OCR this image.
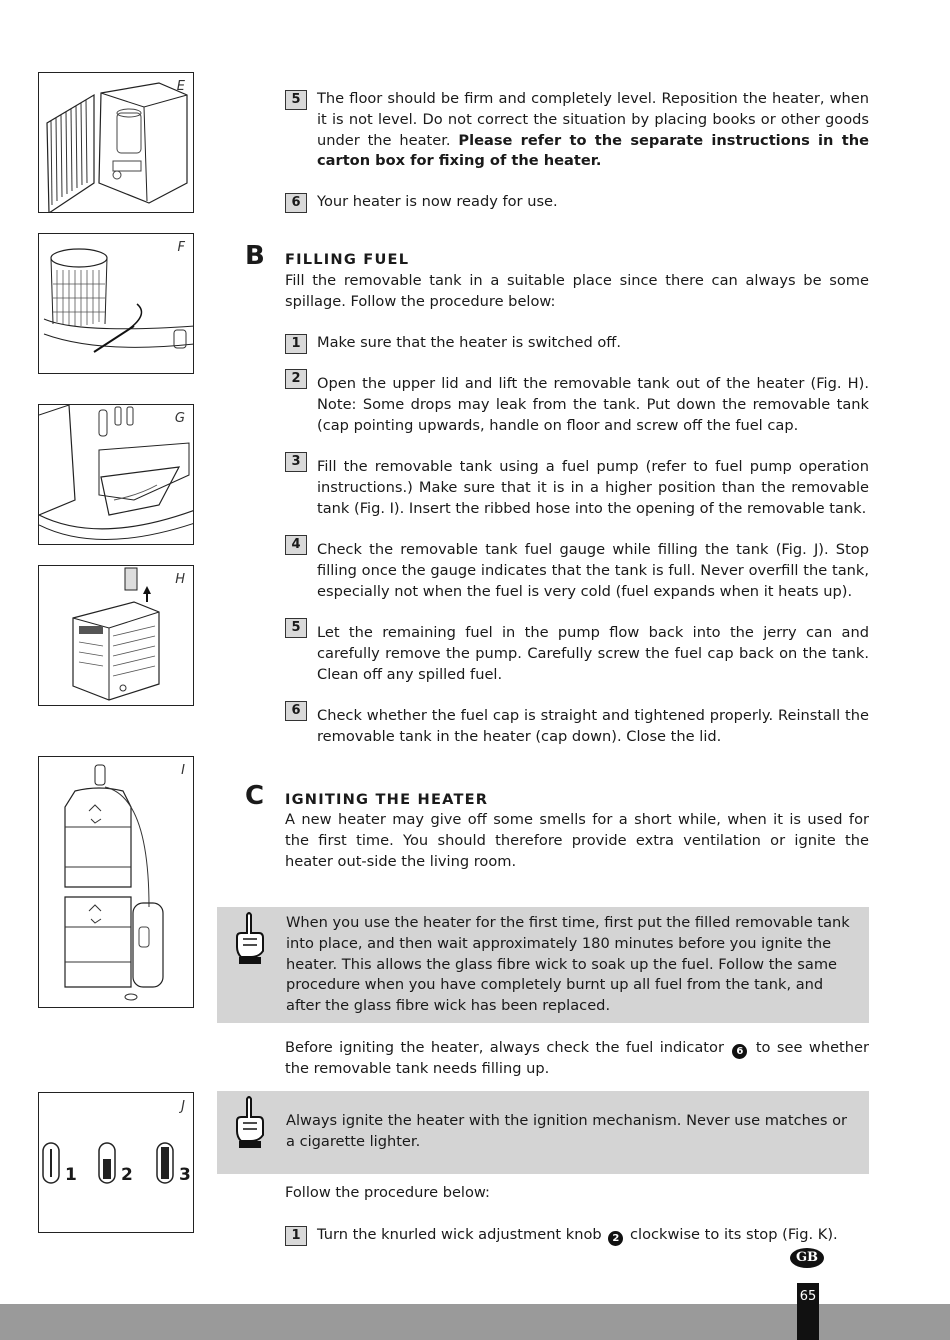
E
F
G
H
I
J
1	2	3
5	The floor should be firm and completely level. Reposition the heater, when it is not level. Do not correct the situation by placing books or other goods under the heater. Please refer to the separate instructions in the carton box for fixing of the heater.
6	Your heater is now ready for use.
B FILLING FUEL
Fill the removable tank in a suitable place since there can always be some spillage. Follow the procedure below:
1	Make sure that the heater is switched off.
2	Open the upper lid and lift the removable tank out of the heater (Fig. H). Note: Some drops may leak from the tank. Put down the removable tank (cap pointing upwards, handle on floor and screw off the fuel cap.
3	Fill the removable tank using a fuel pump (refer to fuel pump operation instructions.) Make sure that it is in a higher position than the removable tank (Fig. I). Insert the ribbed hose into the opening of the removable tank.
4	Check the removable tank fuel gauge while filling the tank (Fig. J). Stop filling once the gauge indicates that the tank is full. Never overfill the tank, especially not when the fuel is very cold (fuel expands when it heats up).
5	Let the remaining fuel in the pump flow back into the jerry can and carefully remove the pump. Carefully screw the fuel cap back on the tank. Clean off any spilled fuel.
6	Check whether the fuel cap is straight and tightened properly. Reinstall the removable tank in the heater (cap down). Close the lid.
C IGNITING THE HEATER
A new heater may give off some smells for a short while, when it is used for the first time. You should therefore provide extra ventilation or ignite the heater out-side the living room.
When you use the heater for the first time, first put the filled removable tank into place, and then wait approximately 180 minutes before you ignite the heater. This allows the glass fibre wick to soak up the fuel. Follow the same procedure when you have completely burnt up all fuel from the tank, and after the glass fibre wick has been replaced.
Before igniting the heater, always check the fuel indicator 6 to see whether the removable tank needs filling up.
Always ignite the heater with the ignition mechanism. Never use matches or a cigarette lighter.
Follow the procedure below:
1	Turn the knurled wick adjustment knob 2 clockwise to its stop (Fig. K).
GB
65
